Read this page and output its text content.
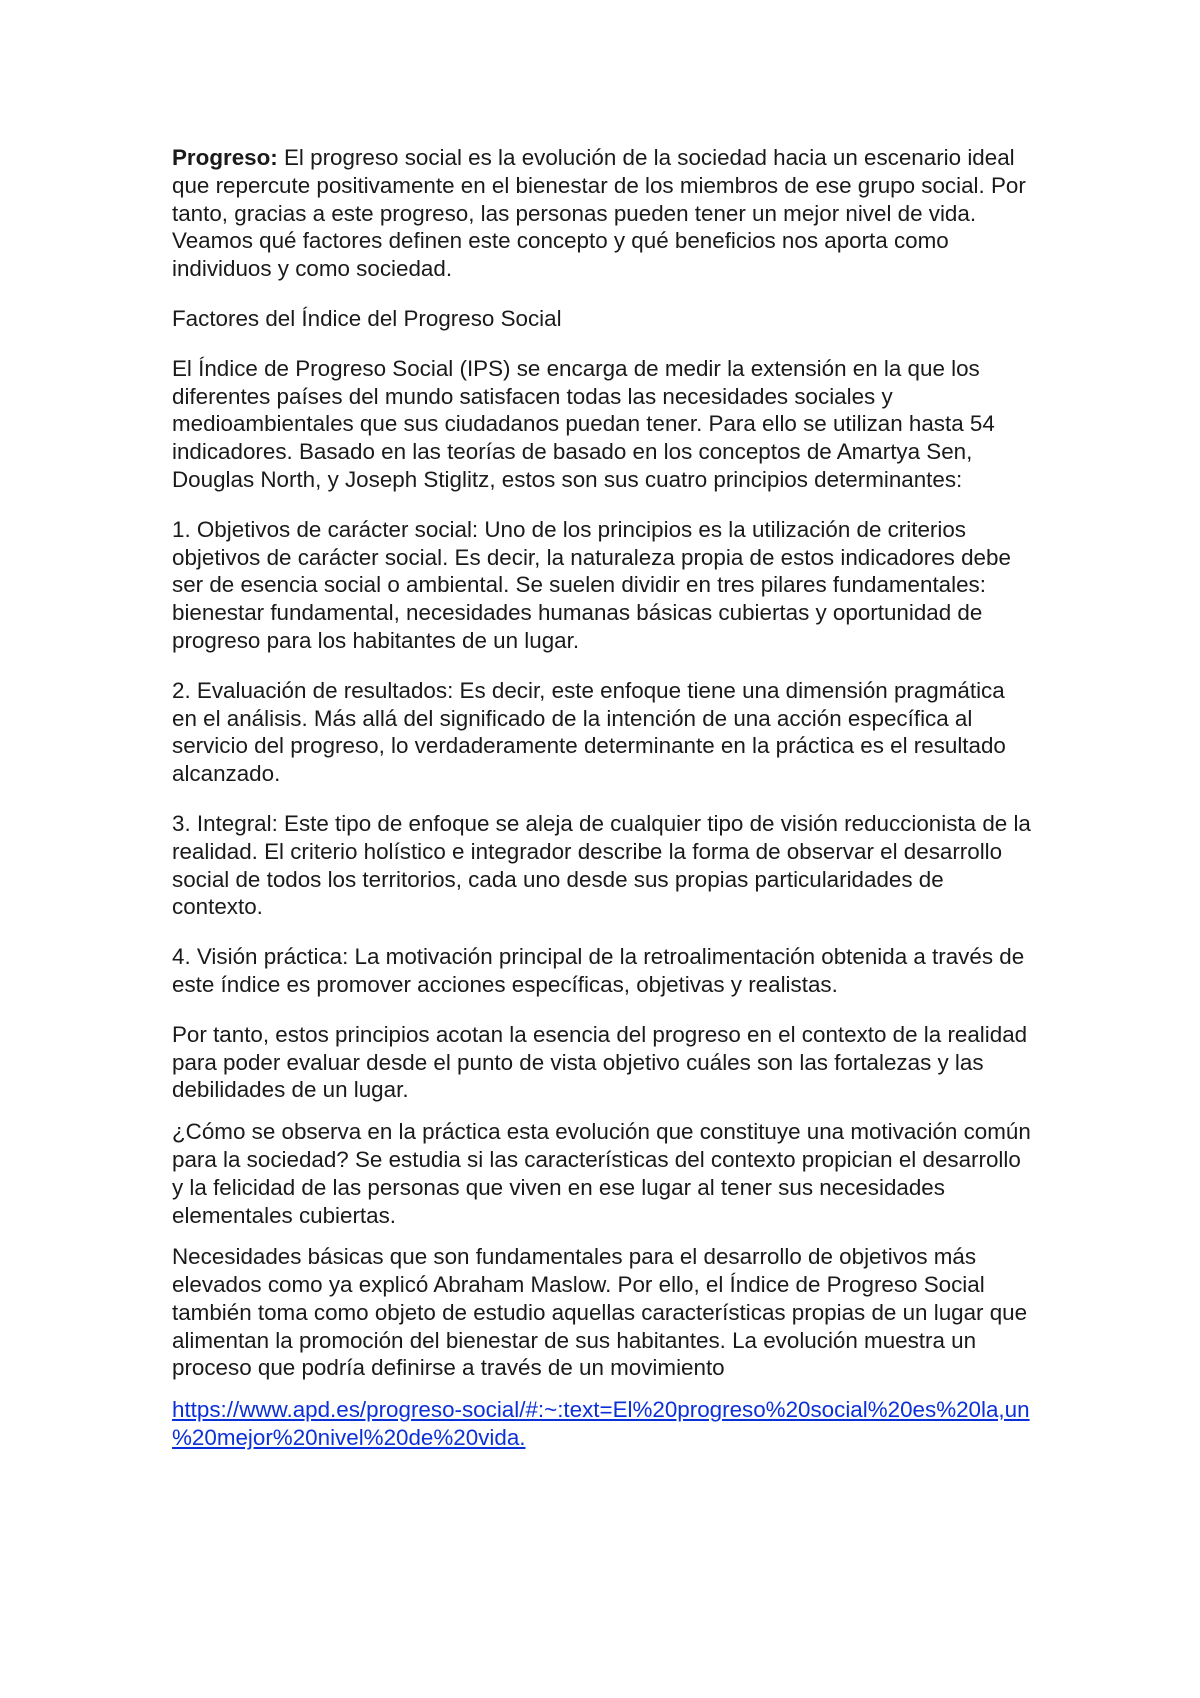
Progreso: El progreso social es la evolución de la sociedad hacia un escenario ideal que repercute positivamente en el bienestar de los miembros de ese grupo social. Por tanto, gracias a este progreso, las personas pueden tener un mejor nivel de vida. Veamos qué factores definen este concepto y qué beneficios nos aporta como individuos y como sociedad.

Factores del Índice del Progreso Social

El Índice de Progreso Social (IPS) se encarga de medir la extensión en la que los diferentes países del mundo satisfacen todas las necesidades sociales y medioambientales que sus ciudadanos puedan tener. Para ello se utilizan hasta 54 indicadores. Basado en las teorías de basado en los conceptos de Amartya Sen, Douglas North, y Joseph Stiglitz, estos son sus cuatro principios determinantes:

1. Objetivos de carácter social: Uno de los principios es la utilización de criterios objetivos de carácter social. Es decir, la naturaleza propia de estos indicadores debe ser de esencia social o ambiental. Se suelen dividir en tres pilares fundamentales: bienestar fundamental, necesidades humanas básicas cubiertas y oportunidad de progreso para los habitantes de un lugar.

2. Evaluación de resultados: Es decir, este enfoque tiene una dimensión pragmática en el análisis. Más allá del significado de la intención de una acción específica al servicio del progreso, lo verdaderamente determinante en la práctica es el resultado alcanzado.

3. Integral: Este tipo de enfoque se aleja de cualquier tipo de visión reduccionista de la realidad. El criterio holístico e integrador describe la forma de observar el desarrollo social de todos los territorios, cada uno desde sus propias particularidades de contexto.

4. Visión práctica: La motivación principal de la retroalimentación obtenida a través de este índice es promover acciones específicas, objetivas y realistas.

Por tanto, estos principios acotan la esencia del progreso en el contexto de la realidad para poder evaluar desde el punto de vista objetivo cuáles son las fortalezas y las debilidades de un lugar.

¿Cómo se observa en la práctica esta evolución que constituye una motivación común para la sociedad? Se estudia si las características del contexto propician el desarrollo y la felicidad de las personas que viven en ese lugar al tener sus necesidades elementales cubiertas.

Necesidades básicas que son fundamentales para el desarrollo de objetivos más elevados como ya explicó Abraham Maslow. Por ello, el Índice de Progreso Social también toma como objeto de estudio aquellas características propias de un lugar que alimentan la promoción del bienestar de sus habitantes. La evolución muestra un proceso que podría definirse a través de un movimiento

https://www.apd.es/progreso-social/#:~:text=El%20progreso%20social%20es%20la,un
%20mejor%20nivel%20de%20vida.
